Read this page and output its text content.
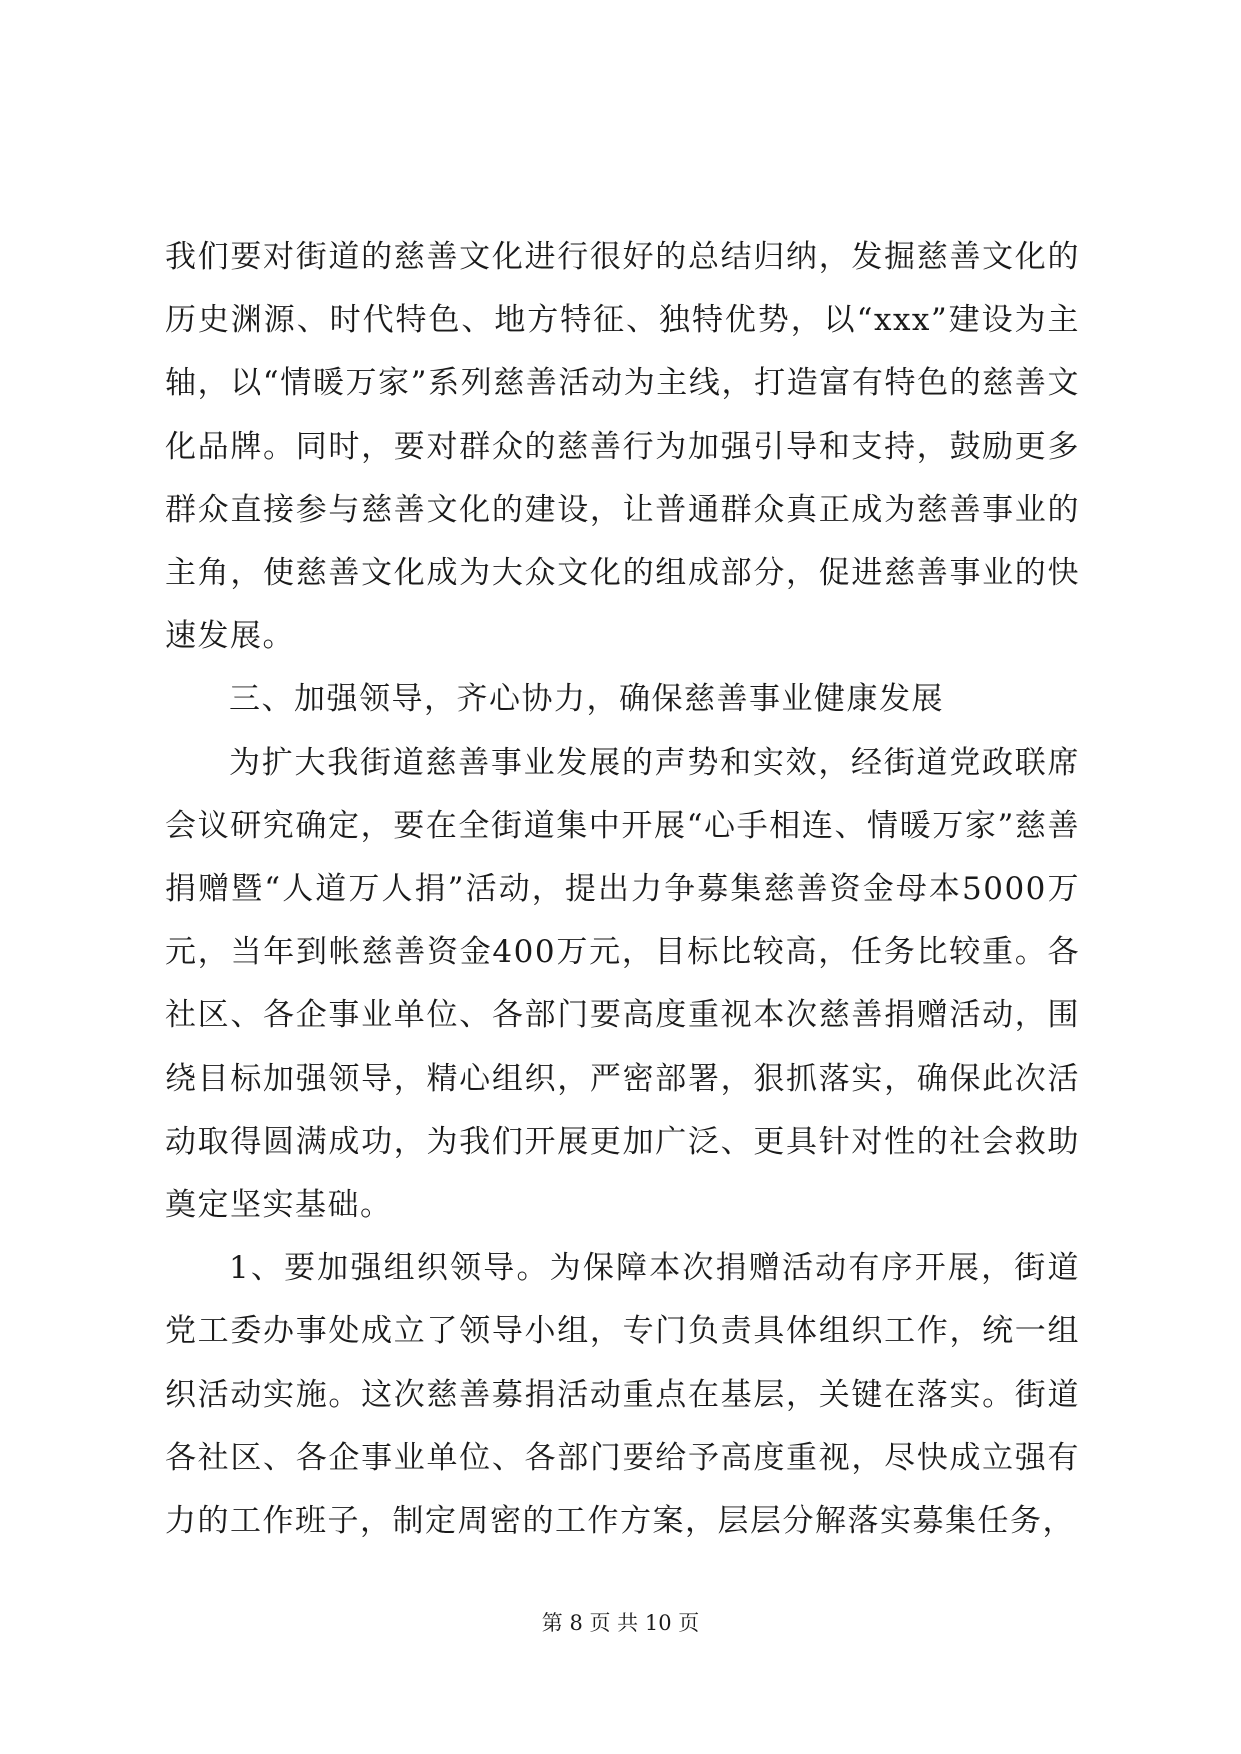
我们要对街道的慈善文化进行很好的总结归纳，发掘慈善文化的历史渊源、时代特色、地方特征、独特优势，以“xxx”建设为主轴，以“情暖万家”系列慈善活动为主线，打造富有特色的慈善文化品牌。同时，要对群众的慈善行为加强引导和支持，鼓励更多群众直接参与慈善文化的建设，让普通群众真正成为慈善事业的主角，使慈善文化成为大众文化的组成部分，促进慈善事业的快速发展。

三、加强领导，齐心协力，确保慈善事业健康发展

为扩大我街道慈善事业发展的声势和实效，经街道党政联席会议研究确定，要在全街道集中开展“心手相连、情暖万家”慈善捐赠暨“人道万人捐”活动，提出力争募集慈善资金母本5000万元，当年到帐慈善资金400万元，目标比较高，任务比较重。各社区、各企事业单位、各部门要高度重视本次慈善捐赠活动，围绕目标加强领导，精心组织，严密部署，狠抓落实，确保此次活动取得圆满成功，为我们开展更加广泛、更具针对性的社会救助奠定坚实基础。

1、要加强组织领导。为保障本次捐赠活动有序开展，街道党工委办事处成立了领导小组，专门负责具体组织工作，统一组织活动实施。这次慈善募捐活动重点在基层，关键在落实。街道各社区、各企事业单位、各部门要给予高度重视，尽快成立强有力的工作班子，制定周密的工作方案，层层分解落实募集任务，

第 8 页 共 10 页
